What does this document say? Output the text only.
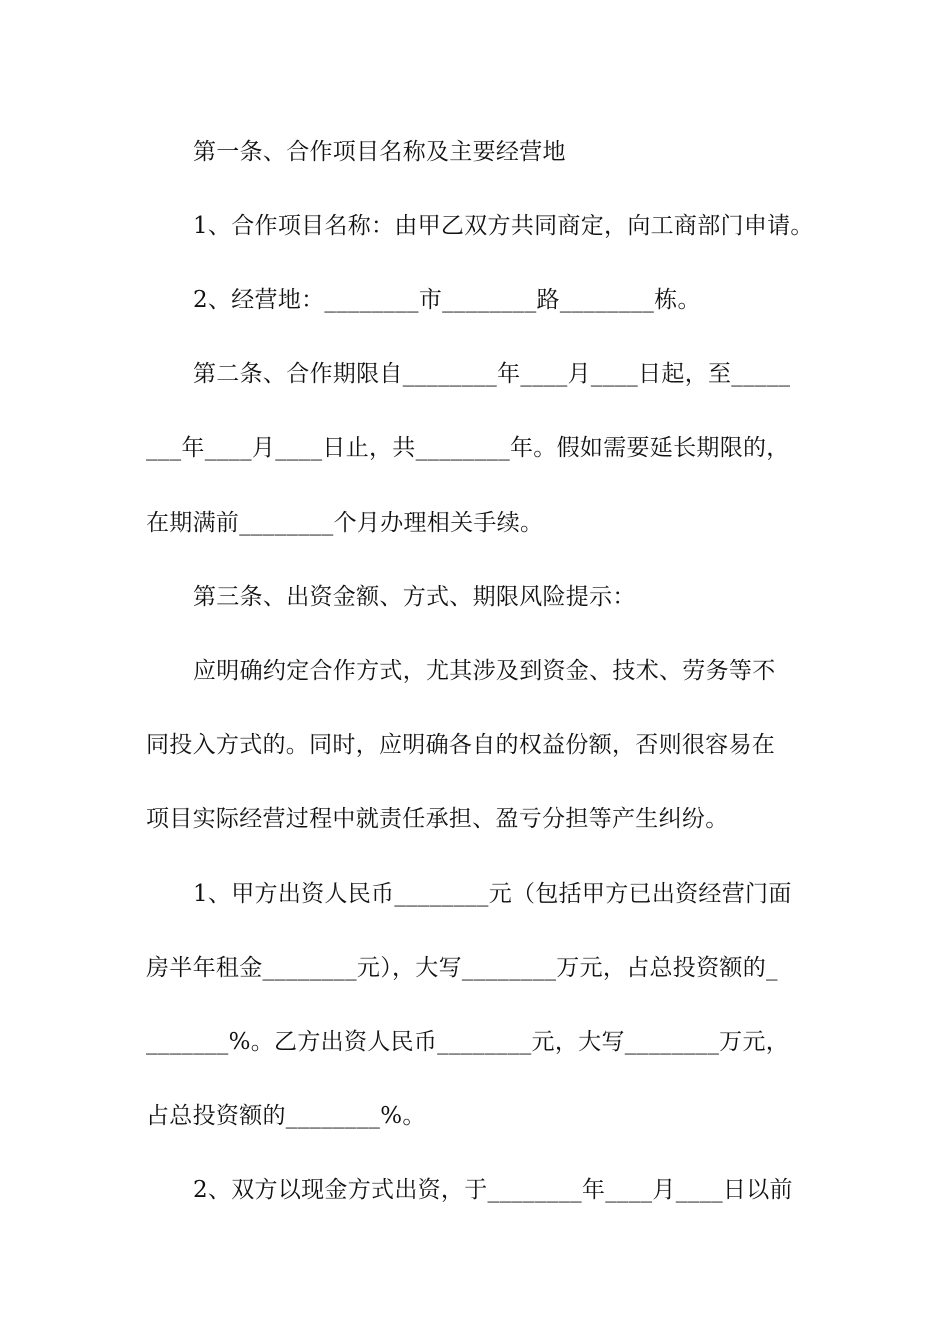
第一条、合作项目名称及主要经营地
1、合作项目名称：由甲乙双方共同商定，向工商部门申请。
2、经营地：________市________路________栋。
第二条、合作期限自________年____月____日起，至_____
___年____月____日止，共________年。假如需要延长期限的，
在期满前________个月办理相关手续。
第三条、出资金额、方式、期限风险提示：
应明确约定合作方式，尤其涉及到资金、技术、劳务等不
同投入方式的。同时，应明确各自的权益份额，否则很容易在
项目实际经营过程中就责任承担、盈亏分担等产生纠纷。
1、甲方出资人民币________元（包括甲方已出资经营门面
房半年租金________元），大写________万元，占总投资额的_
_______%。乙方出资人民币________元，大写________万元，
占总投资额的________%。
2、双方以现金方式出资，于________年____月____日以前
